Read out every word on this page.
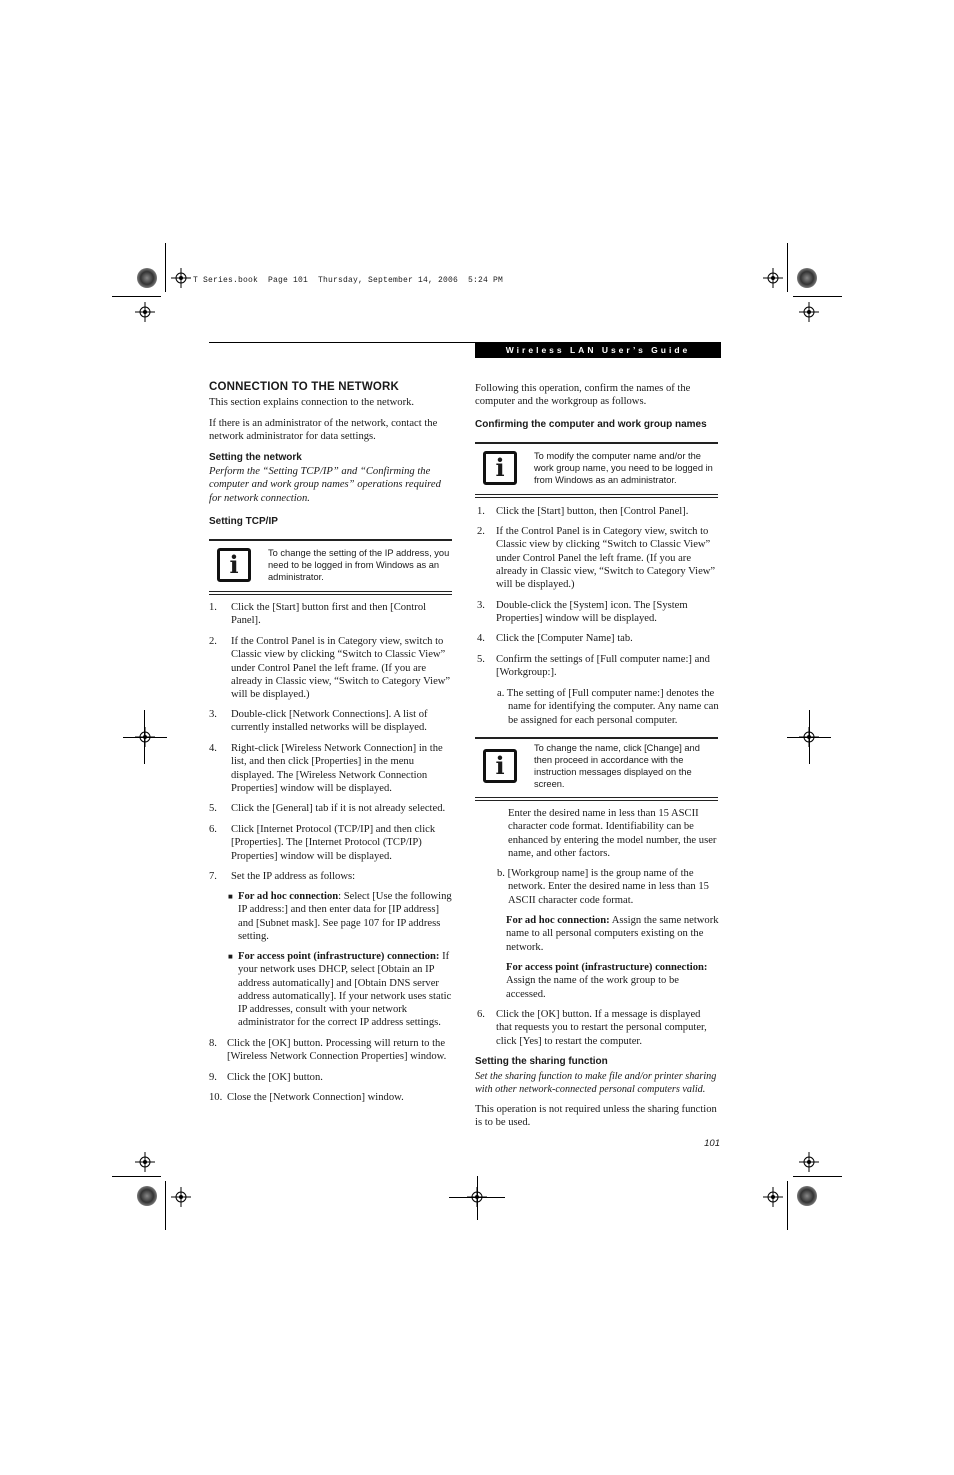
T Series.book  Page 101  Thursday, September 14, 2006  5:24 PM
Wireless LAN User’s Guide
CONNECTION TO THE NETWORK
This section explains connection to the network.
If there is an administrator of the network, contact the network administrator for data settings.
Setting the network
Perform the “Setting TCP/IP” and “Confirming the computer and work group names” operations required for network connection.
Setting TCP/IP
i	To change the setting of the IP address, you need to be logged in from Windows as an administrator.
1. Click the [Start] button first and then [Control Panel].
2. If the Control Panel is in Category view, switch to Classic view by clicking “Switch to Classic View” under Control Panel the left frame. (If you are already in Classic view, “Switch to Category View” will be displayed.)
3. Double-click [Network Connections]. A list of currently installed networks will be displayed.
4. Right-click [Wireless Network Connection] in the list, and then click [Properties] in the menu displayed. The [Wireless Network Connection Properties] window will be displayed.
5. Click the [General] tab if it is not already selected.
6. Click [Internet Protocol (TCP/IP] and then click [Properties]. The [Internet Protocol (TCP/IP) Properties] window will be displayed.
7. Set the IP address as follows:
■ For ad hoc connection: Select [Use the following IP address:] and then enter data for [IP address] and [Subnet mask]. See page 107 for IP address setting.
■ For access point (infrastructure) connection: If your network uses DHCP, select [Obtain an IP address automatically] and [Obtain DNS server address automatically]. If your network uses static IP addresses, consult with your network administrator for the correct IP address settings.
8. Click the [OK] button. Processing will return to the [Wireless Network Connection Properties] window.
9. Click the [OK] button.
10. Close the [Network Connection] window.
Following this operation, confirm the names of the computer and the workgroup as follows.
Confirming the computer and work group names
i	To modify the computer name and/or the work group name, you need to be logged in from Windows as an administrator.
1. Click the [Start] button, then [Control Panel].
2. If the Control Panel is in Category view, switch to Classic view by clicking “Switch to Classic View” under Control Panel the left frame. (If you are already in Classic view, “Switch to Category View” will be displayed.)
3. Double-click the [System] icon. The [System Properties] window will be displayed.
4. Click the [Computer Name] tab.
5. Confirm the settings of [Full computer name:] and [Workgroup:].
a. The setting of [Full computer name:] denotes the name for identifying the computer. Any name can be assigned for each personal computer.
i
To change the name, click [Change] and then proceed in accordance with the instruction messages displayed on the screen.
Enter the desired name in less than 15 ASCII character code format. Identifiability can be enhanced by entering the model number, the user name, and other factors.
b. [Workgroup name] is the group name of the network. Enter the desired name in less than 15 ASCII character code format.
For ad hoc connection: Assign the same network name to all personal computers existing on the network.
For access point (infrastructure) connection:
Assign the name of the work group to be accessed.
6. Click the [OK] button. If a message is displayed that requests you to restart the personal computer, click [Yes] to restart the computer.
Setting the sharing function
Set the sharing function to make file and/or printer sharing with other network-connected personal computers valid.
This operation is not required unless the sharing function is to be used.
101
